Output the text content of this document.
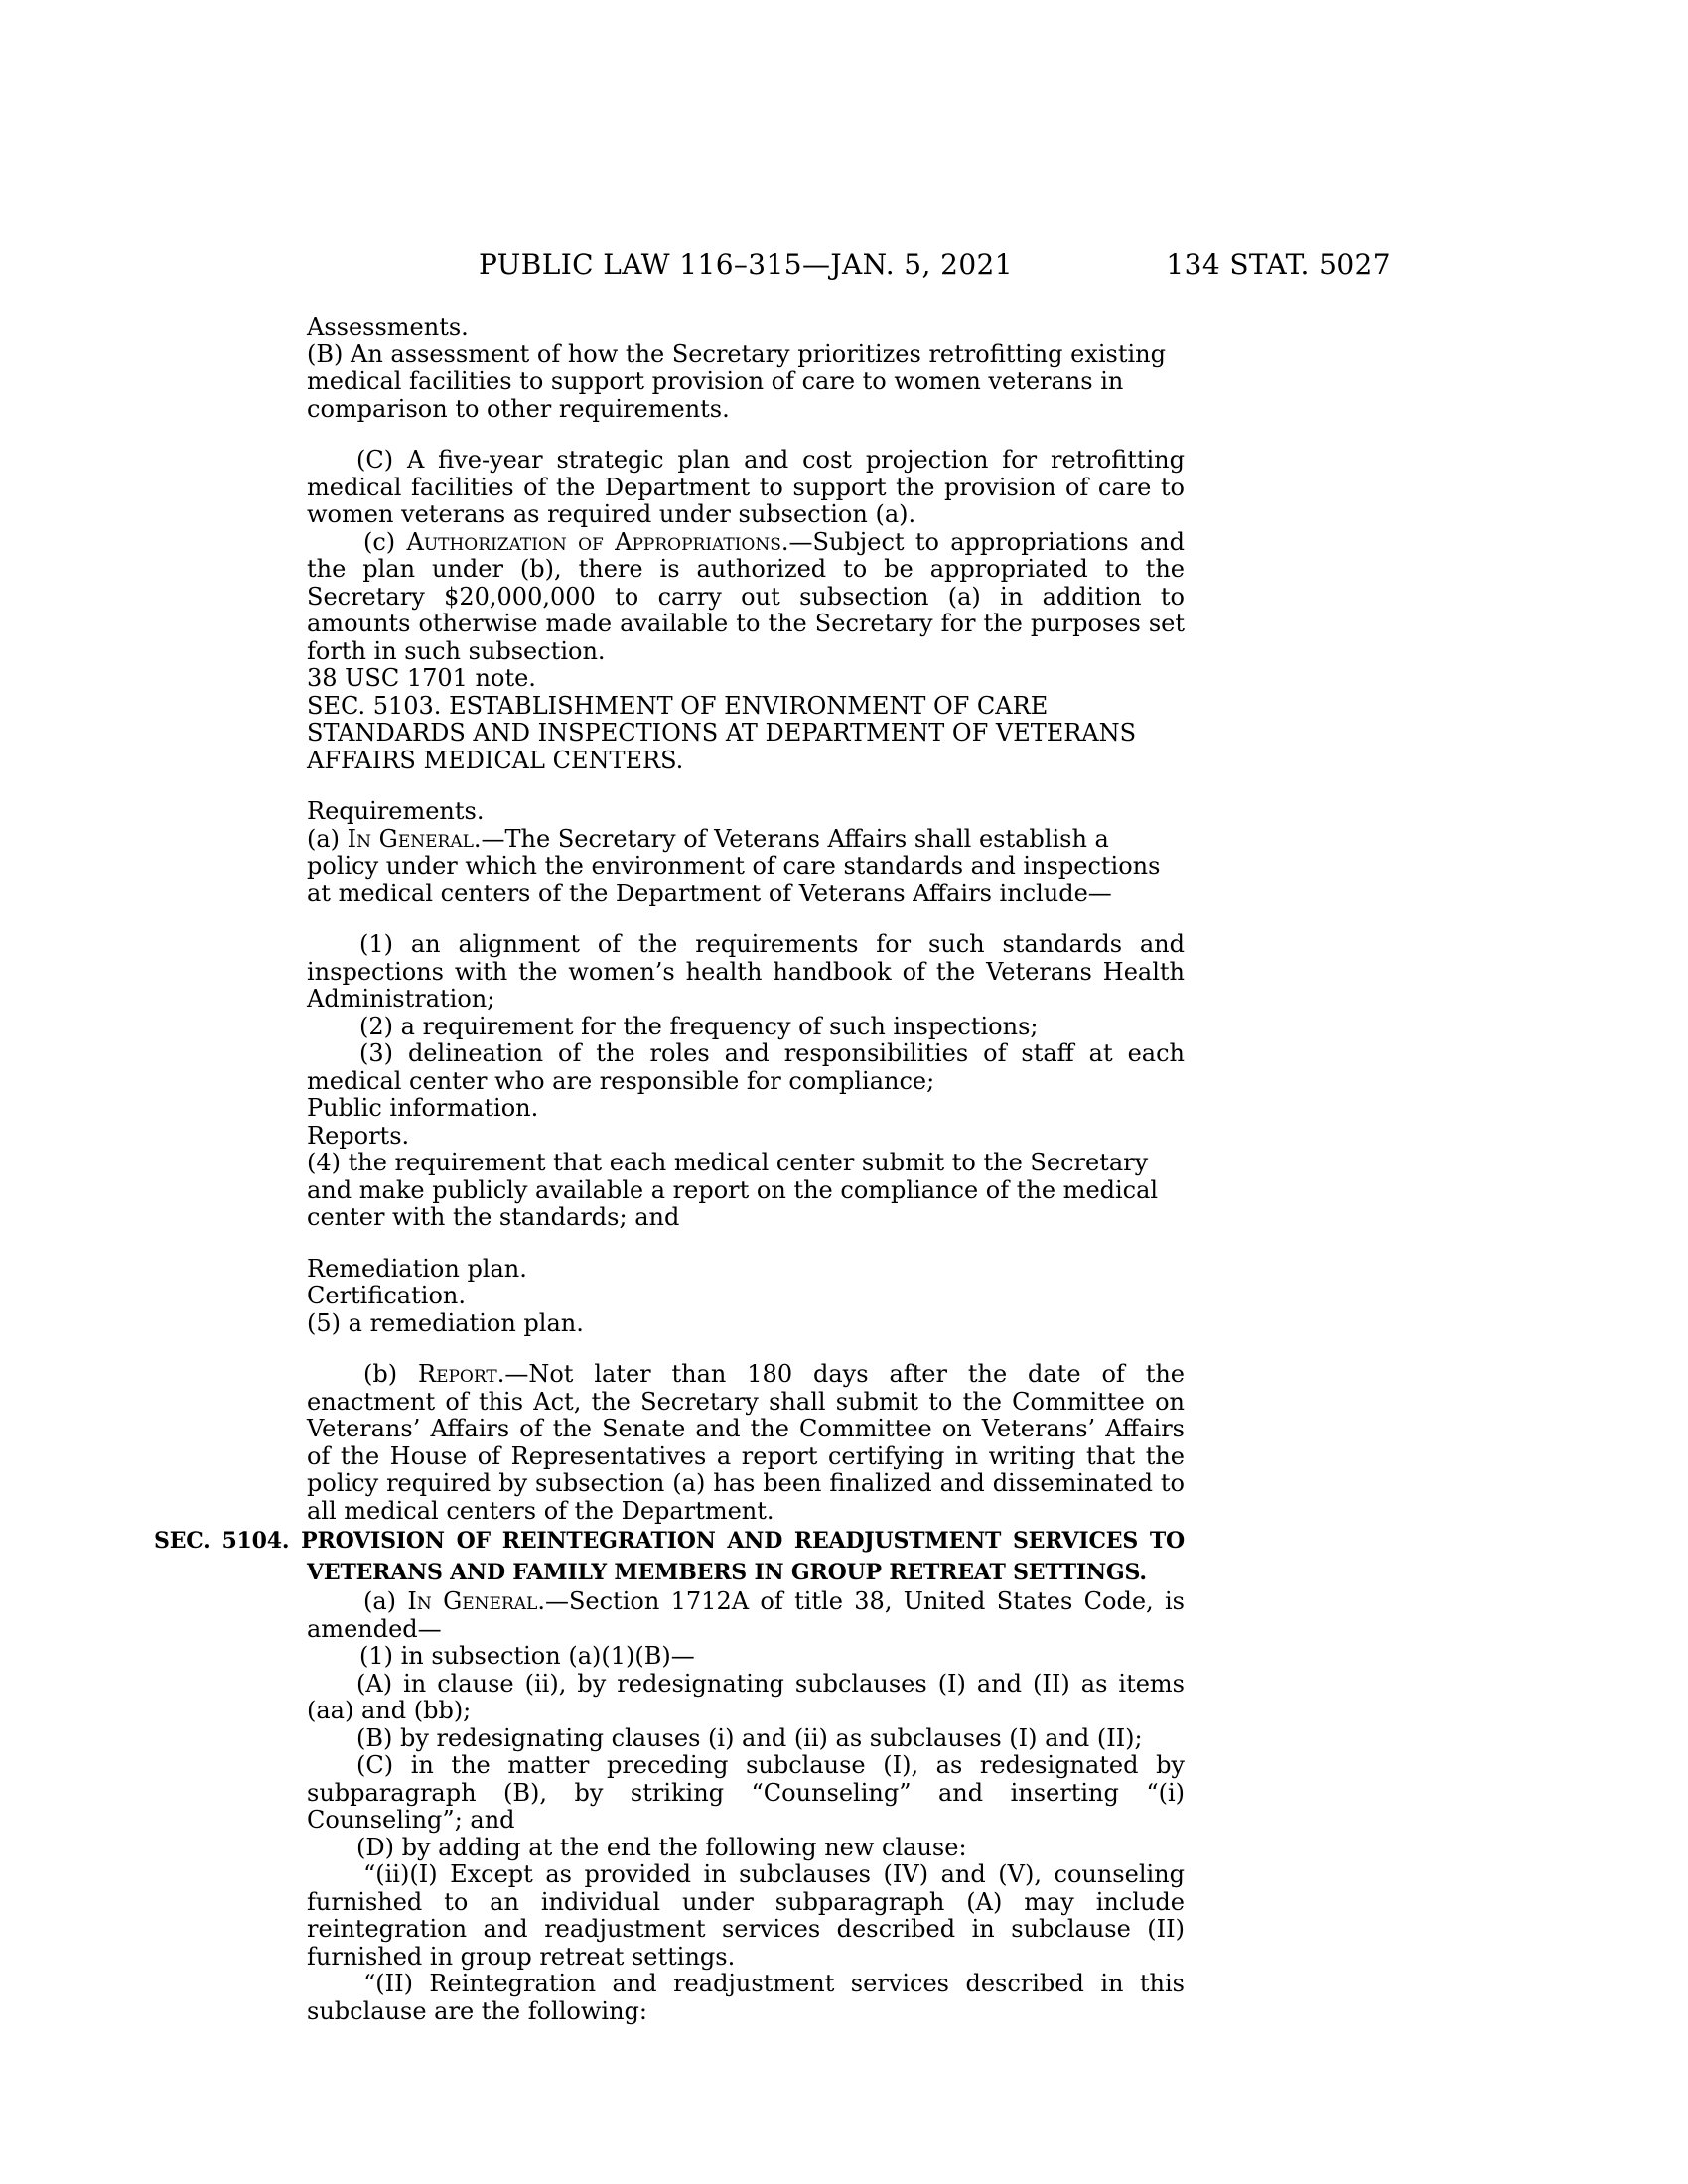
PUBLIC LAW 116–315—JAN. 5, 2021	134 STAT. 5027

Assessments.
(B) An assessment of how the Secretary prioritizes retrofitting existing medical facilities to support provision of care to women veterans in comparison to other requirements.

(C) A five-year strategic plan and cost projection for retrofitting medical facilities of the Department to support the provision of care to women veterans as required under subsection (a).

(c) Authorization of Appropriations.—Subject to appropriations and the plan under (b), there is authorized to be appropriated to the Secretary $20,000,000 to carry out subsection (a) in addition to amounts otherwise made available to the Secretary for the purposes set forth in such subsection.

38 USC 1701 note.
SEC. 5103. ESTABLISHMENT OF ENVIRONMENT OF CARE STANDARDS AND INSPECTIONS AT DEPARTMENT OF VETERANS AFFAIRS MEDICAL CENTERS.

Requirements.
(a) In General.—The Secretary of Veterans Affairs shall establish a policy under which the environment of care standards and inspections at medical centers of the Department of Veterans Affairs include—

(1) an alignment of the requirements for such standards and inspections with the women’s health handbook of the Veterans Health Administration;

(2) a requirement for the frequency of such inspections;

(3) delineation of the roles and responsibilities of staff at each medical center who are responsible for compliance;

Public information.
Reports.
(4) the requirement that each medical center submit to the Secretary and make publicly available a report on the compliance of the medical center with the standards; and

Remediation plan.
Certification.
(5) a remediation plan.

(b) Report.—Not later than 180 days after the date of the enactment of this Act, the Secretary shall submit to the Committee on Veterans’ Affairs of the Senate and the Committee on Veterans’ Affairs of the House of Representatives a report certifying in writing that the policy required by subsection (a) has been finalized and disseminated to all medical centers of the Department.

SEC. 5104. PROVISION OF REINTEGRATION AND READJUSTMENT SERVICES TO VETERANS AND FAMILY MEMBERS IN GROUP RETREAT SETTINGS.

(a) In General.—Section 1712A of title 38, United States Code, is amended—

(1) in subsection (a)(1)(B)—

(A) in clause (ii), by redesignating subclauses (I) and (II) as items (aa) and (bb);

(B) by redesignating clauses (i) and (ii) as subclauses (I) and (II);

(C) in the matter preceding subclause (I), as redesignated by subparagraph (B), by striking “Counseling” and inserting “(i) Counseling”; and

(D) by adding at the end the following new clause:

“(ii)(I) Except as provided in subclauses (IV) and (V), counseling furnished to an individual under subparagraph (A) may include reintegration and readjustment services described in subclause (II) furnished in group retreat settings.

“(II) Reintegration and readjustment services described in this subclause are the following:
